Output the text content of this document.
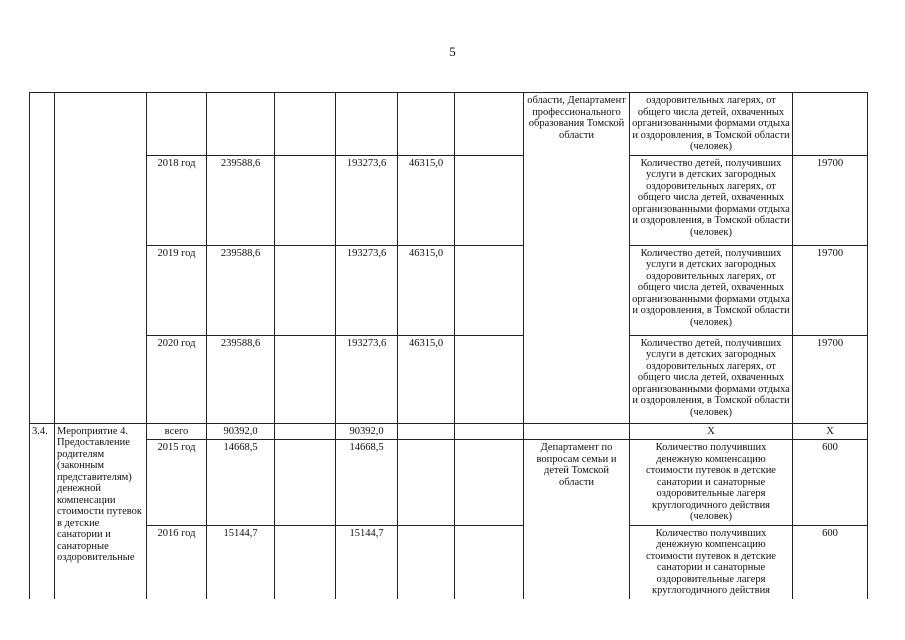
5
								области, Департамент профессионального образования Томской области	оздоровительных лагерях, от общего числа детей, охваченных организованными формами отдыха и оздоровления, в Томской области (человек)	
		2018 год	239588,6		193273,6	46315,0			Количество детей, получивших услуги в детских загородных оздоровительных лагерях, от общего числа детей, охваченных организованными формами отдыха и оздоровления, в Томской области (человек)	19700
		2019 год	239588,6		193273,6	46315,0			Количество детей, получивших услуги в детских загородных оздоровительных лагерях, от общего числа детей, охваченных организованными формами отдыха и оздоровления, в Томской области (человек)	19700
		2020 год	239588,6		193273,6	46315,0			Количество детей, получивших услуги в детских загородных оздоровительных лагерях, от общего числа детей, охваченных организованными формами отдыха и оздоровления, в Томской области (человек)	19700
3.4.	Мероприятие 4. Предоставление родителям (законным представителям) денежной компенсации стоимости путевок в детские санатории и санаторные оздоровительные	всего	90392,0		90392,0				X	X
		2015 год	14668,5		14668,5			Департамент по вопросам семьи и детей Томской области	Количество получивших денежную компенсацию стоимости путевок в детские санатории и санаторные оздоровительные лагеря круглогодичного действия (человек)	600
		2016 год	15144,7		15144,7				Количество получивших денежную компенсацию стоимости путевок в детские санатории и санаторные оздоровительные лагеря круглогодичного действия	600
